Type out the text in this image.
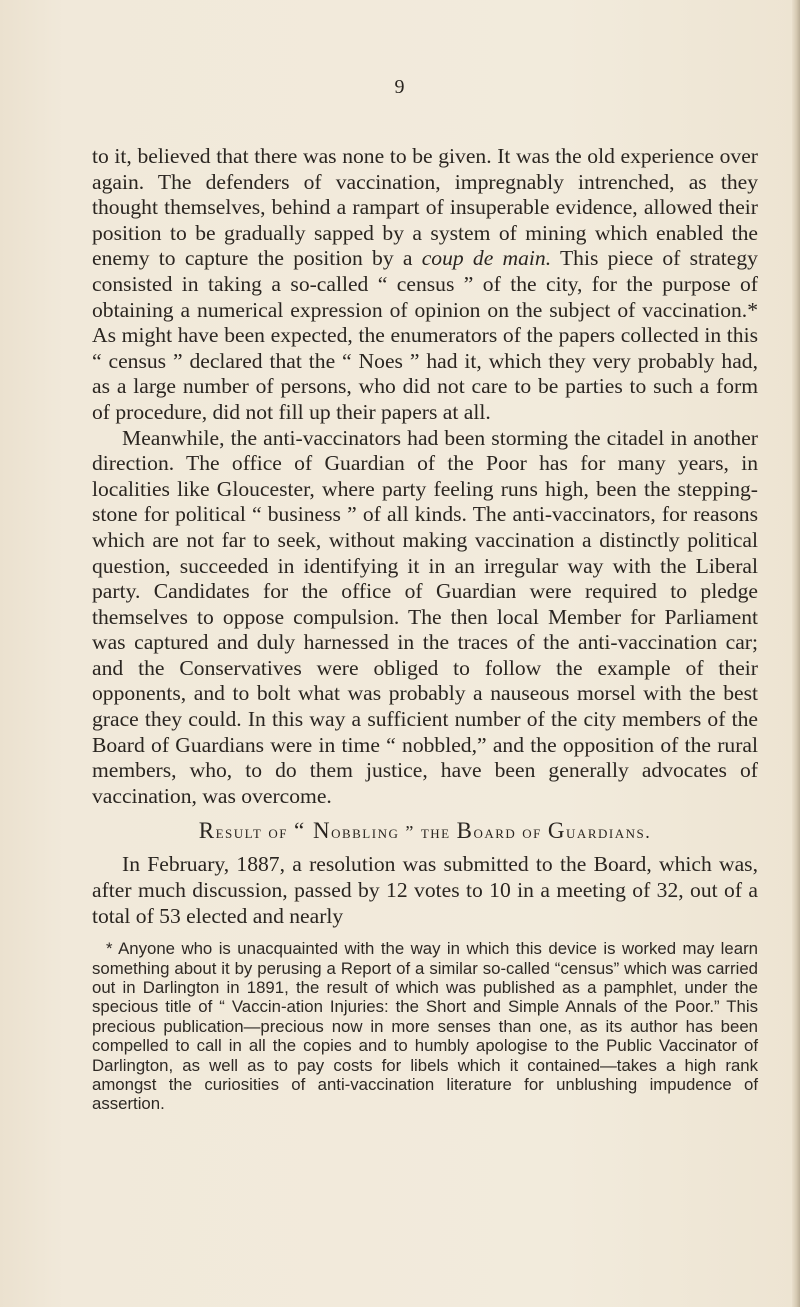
9

to it, believed that there was none to be given. It was the old experience over again. The defenders of vaccination, impregnably intrenched, as they thought themselves, behind a rampart of insuperable evidence, allowed their position to be gradually sapped by a system of mining which enabled the enemy to capture the position by a coup de main. This piece of strategy consisted in taking a so-called “ census ” of the city, for the purpose of obtaining a numerical expression of opinion on the subject of vaccination.* As might have been expected, the enumerators of the papers collected in this “ census ” declared that the “ Noes ” had it, which they very probably had, as a large number of persons, who did not care to be parties to such a form of procedure, did not fill up their papers at all.

Meanwhile, the anti-vaccinators had been storming the citadel in another direction. The office of Guardian of the Poor has for many years, in localities like Gloucester, where party feeling runs high, been the stepping-stone for political “ business ” of all kinds. The anti-vaccinators, for reasons which are not far to seek, without making vaccination a distinctly political question, succeeded in identifying it in an irregular way with the Liberal party. Candidates for the office of Guardian were required to pledge themselves to oppose compulsion. The then local Member for Parliament was captured and duly harnessed in the traces of the anti-vaccination car; and the Conservatives were obliged to follow the example of their opponents, and to bolt what was probably a nauseous morsel with the best grace they could. In this way a sufficient number of the city members of the Board of Guardians were in time “ nobbled,” and the opposition of the rural members, who, to do them justice, have been generally advocates of vaccination, was overcome.

Result of “ Nobbling ” the Board of Guardians.

In February, 1887, a resolution was submitted to the Board, which was, after much discussion, passed by 12 votes to 10 in a meeting of 32, out of a total of 53 elected and nearly

* Anyone who is unacquainted with the way in which this device is worked may learn something about it by perusing a Report of a similar so-called “census” which was carried out in Darlington in 1891, the result of which was published as a pamphlet, under the specious title of “ Vaccin-ation Injuries: the Short and Simple Annals of the Poor.” This precious publication—precious now in more senses than one, as its author has been compelled to call in all the copies and to humbly apologise to the Public Vaccinator of Darlington, as well as to pay costs for libels which it contained—takes a high rank amongst the curiosities of anti-vaccination literature for unblushing impudence of assertion.
